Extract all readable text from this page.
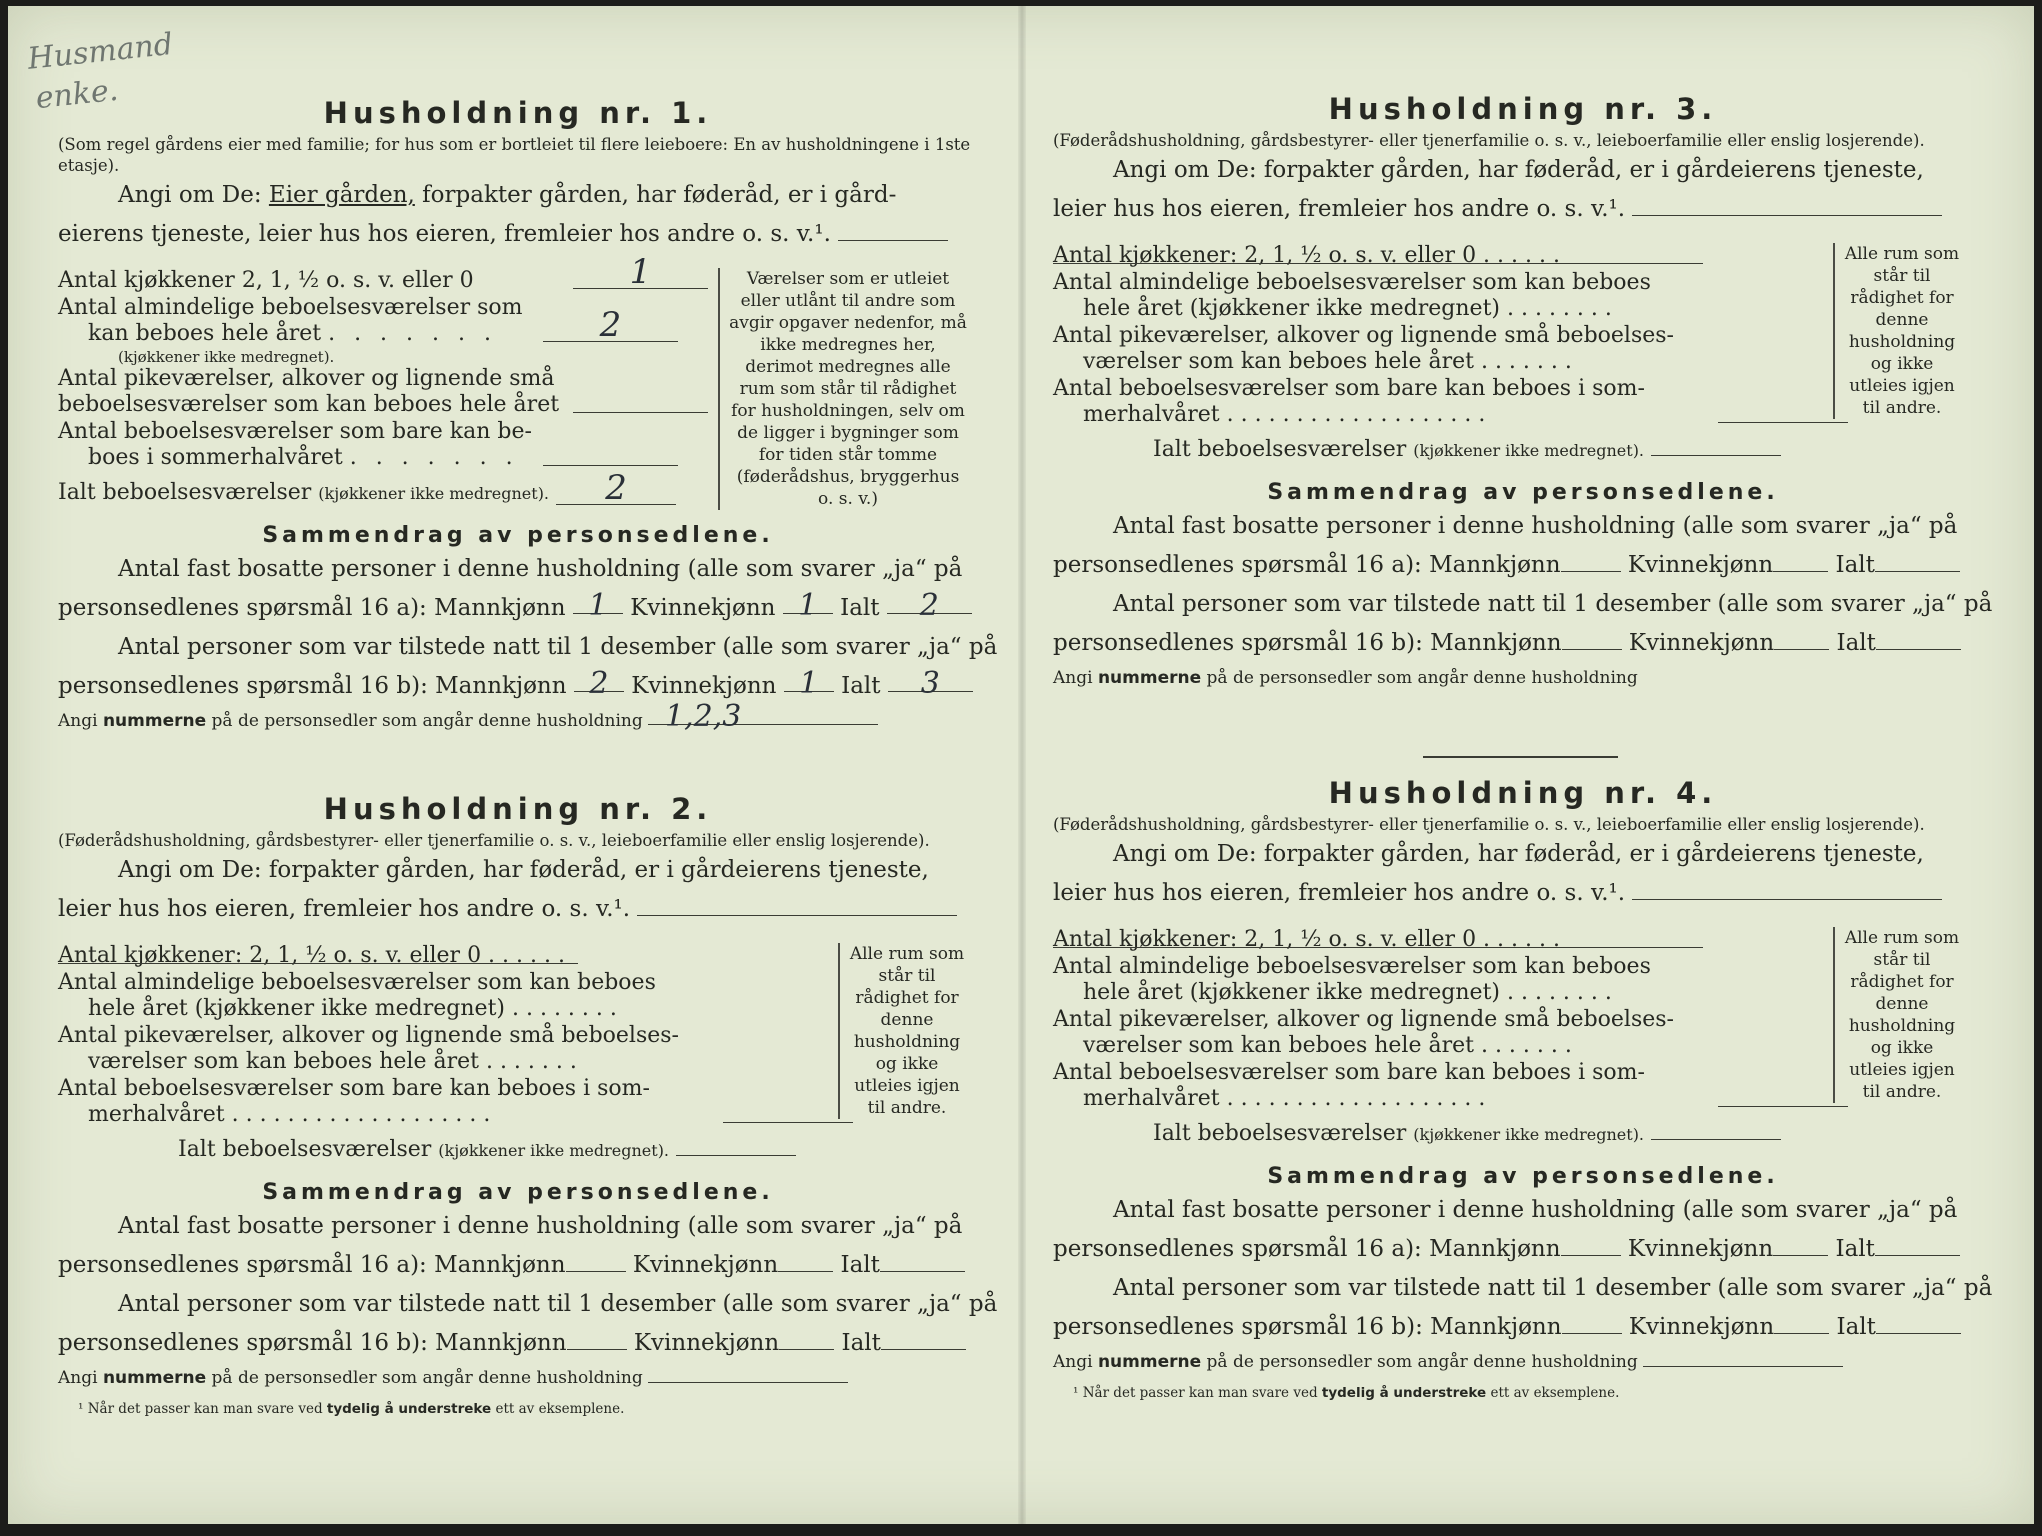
Husmand
enke.	Husholdning nr. 1.

(Som regel gårdens eier med familie; for hus som er bortleiet til flere leieboere: En av husholdningene i 1ste etasje).

Angi om De: Eier gården, forpakter gården, har føderåd, er i gård-

eierens tjeneste, leier hus hos eieren, fremleier hos andre o. s. v.¹.

Antal kjøkkener 2, 1, ½ o. s. v. eller 0	1

Antal almindelige beboelsesværelser som

kan beboes hele året . . . . . . .	2

(kjøkkener ikke medregnet).

Antal pikeværelser, alkover og lignende små

beboelsesværelser som kan beboes hele året

Antal beboelsesværelser som bare kan be-

boes i sommerhalvåret . . . . . . .

Ialt beboelsesværelser (kjøkkener ikke medregnet). 2

Værelser som er utleiet eller utlånt til andre som avgir opgaver nedenfor, må ikke medregnes her, derimot medregnes alle rum som står til rådighet for husholdningen, selv om de ligger i bygninger som for tiden står tomme (føderådshus, bryggerhus o. s. v.)
Sammendrag av personsedlene.

Antal fast bosatte personer i denne husholdning (alle som svarer „ja“ på

personsedlenes spørsmål 16 a): Mannkjønn 1 Kvinnekjønn 1 Ialt 2

Antal personer som var tilstede natt til 1 desember (alle som svarer „ja“ på

personsedlenes spørsmål 16 b): Mannkjønn 2 Kvinnekjønn 1 Ialt 3

Angi nummerne på de personsedler som angår denne husholdning 1,2,3

Husholdning nr. 2.

(Føderådshusholdning, gårdsbestyrer- eller tjenerfamilie o. s. v., leieboerfamilie eller enslig losjerende).

Angi om De: forpakter gården, har føderåd, er i gårdeierens tjeneste,

leier hus hos eieren, fremleier hos andre o. s. v.¹.

Antal kjøkkener: 2, 1, ½ o. s. v. eller 0 . . . . . .

Antal almindelige beboelsesværelser som kan beboes

hele året (kjøkkener ikke medregnet) . . . . . . . .

Antal pikeværelser, alkover og lignende små beboelses-

værelser som kan beboes hele året . . . . . . .

Antal beboelsesværelser som bare kan beboes i som-

merhalvåret . . . . . . . . . . . . . . . . . . .

Ialt beboelsesværelser (kjøkkener ikke medregnet).

Alle rum som står til rådighet for denne husholdning og ikke utleies igjen til andre.
Sammendrag av personsedlene.

Antal fast bosatte personer i denne husholdning (alle som svarer „ja“ på

personsedlenes spørsmål 16 a): Mannkjønn	Kvinnekjønn	Ialt

Antal personer som var tilstede natt til 1 desember (alle som svarer „ja“ på

personsedlenes spørsmål 16 b): Mannkjønn	Kvinnekjønn	Ialt

Angi nummerne på de personsedler som angår denne husholdning

¹ Når det passer kan man svare ved tydelig å understreke ett av eksemplene.

Husholdning nr. 3.

(Føderådshusholdning, gårdsbestyrer- eller tjenerfamilie o. s. v., leieboerfamilie eller enslig losjerende).

Angi om De: forpakter gården, har føderåd, er i gårdeierens tjeneste,

leier hus hos eieren, fremleier hos andre o. s. v.¹.

Antal kjøkkener: 2, 1, ½ o. s. v. eller 0 . . . . . .

Antal almindelige beboelsesværelser som kan beboes

hele året (kjøkkener ikke medregnet) . . . . . . . .

Antal pikeværelser, alkover og lignende små beboelses-

værelser som kan beboes hele året . . . . . . .

Antal beboelsesværelser som bare kan beboes i som-

merhalvåret . . . . . . . . . . . . . . . . . . .

Ialt beboelsesværelser (kjøkkener ikke medregnet).

Alle rum som står til rådighet for denne husholdning og ikke utleies igjen til andre.
Sammendrag av personsedlene.

Antal fast bosatte personer i denne husholdning (alle som svarer „ja“ på

personsedlenes spørsmål 16 a): Mannkjønn	Kvinnekjønn	Ialt

Antal personer som var tilstede natt til 1 desember (alle som svarer „ja“ på

personsedlenes spørsmål 16 b): Mannkjønn	Kvinnekjønn	Ialt

Angi nummerne på de personsedler som angår denne husholdning

Husholdning nr. 4.

(Føderådshusholdning, gårdsbestyrer- eller tjenerfamilie o. s. v., leieboerfamilie eller enslig losjerende).

Angi om De: forpakter gården, har føderåd, er i gårdeierens tjeneste,

leier hus hos eieren, fremleier hos andre o. s. v.¹.

Antal kjøkkener: 2, 1, ½ o. s. v. eller 0 . . . . . .

Antal almindelige beboelsesværelser som kan beboes

hele året (kjøkkener ikke medregnet) . . . . . . . .

Antal pikeværelser, alkover og lignende små beboelses-

værelser som kan beboes hele året . . . . . . .

Antal beboelsesværelser som bare kan beboes i som-

merhalvåret . . . . . . . . . . . . . . . . . . .

Ialt beboelsesværelser (kjøkkener ikke medregnet).

Alle rum som står til rådighet for denne husholdning og ikke utleies igjen til andre.
Sammendrag av personsedlene.

Antal fast bosatte personer i denne husholdning (alle som svarer „ja“ på

personsedlenes spørsmål 16 a): Mannkjønn	Kvinnekjønn	Ialt

Antal personer som var tilstede natt til 1 desember (alle som svarer „ja“ på

personsedlenes spørsmål 16 b): Mannkjønn	Kvinnekjønn	Ialt

Angi nummerne på de personsedler som angår denne husholdning

¹ Når det passer kan man svare ved tydelig å understreke ett av eksemplene.
